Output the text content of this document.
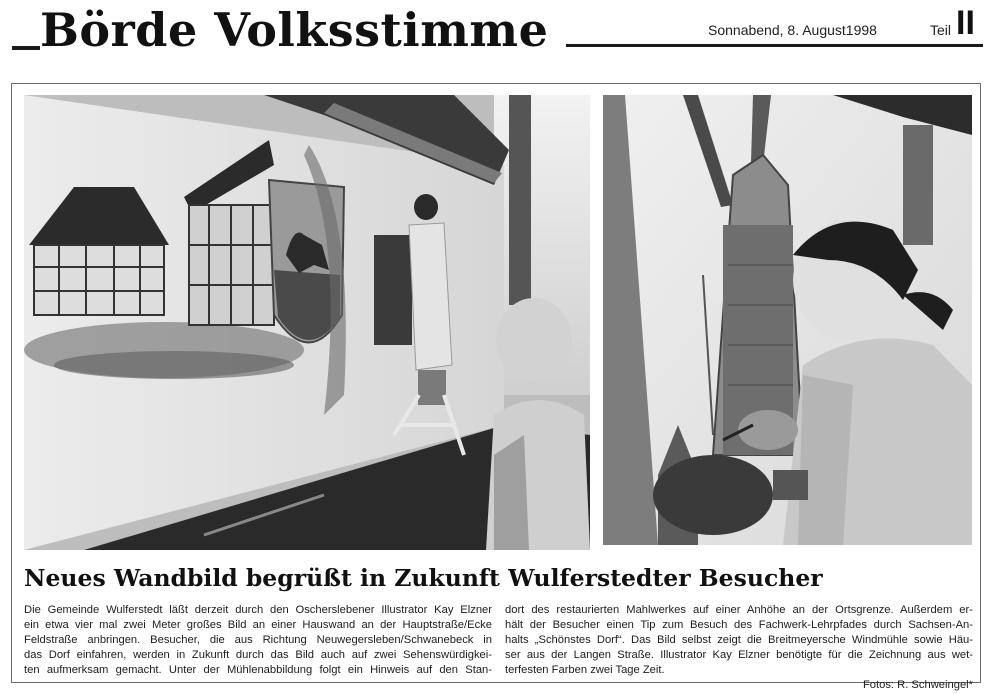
Börde Volksstimme	Sonnabend, 8. August1998	Teil II
Neues Wandbild begrüßt in Zukunft Wulferstedter Besucher
Die Gemeinde Wulferstedt läßt derzeit durch den Oscherslebener Illustrator Kay Elzner
ein etwa vier mal zwei Meter großes Bild an einer Hauswand an der Hauptstraße/Ecke
Feldstraße anbringen. Besucher, die aus Richtung Neuwegersleben/Schwanebeck in
das Dorf einfahren, werden in Zukunft durch das Bild auch auf zwei Sehenswürdigkei-
ten aufmerksam gemacht. Unter der Mühlenabbildung folgt ein Hinweis auf den Stan-
dort des restaurierten Mahlwerkes auf einer Anhöhe an der Ortsgrenze. Außerdem er-
hält der Besucher einen Tip zum Besuch des Fachwerk-Lehrpfades durch Sachsen-An-
halts „Schönstes Dorf“. Das Bild selbst zeigt die Breitmeyersche Windmühle sowie Häu-
ser aus der Langen Straße. Illustrator Kay Elzner benötigte für die Zeichnung aus wet-
terfesten Farben zwei Tage Zeit.
Fotos: R. Schweingel*
